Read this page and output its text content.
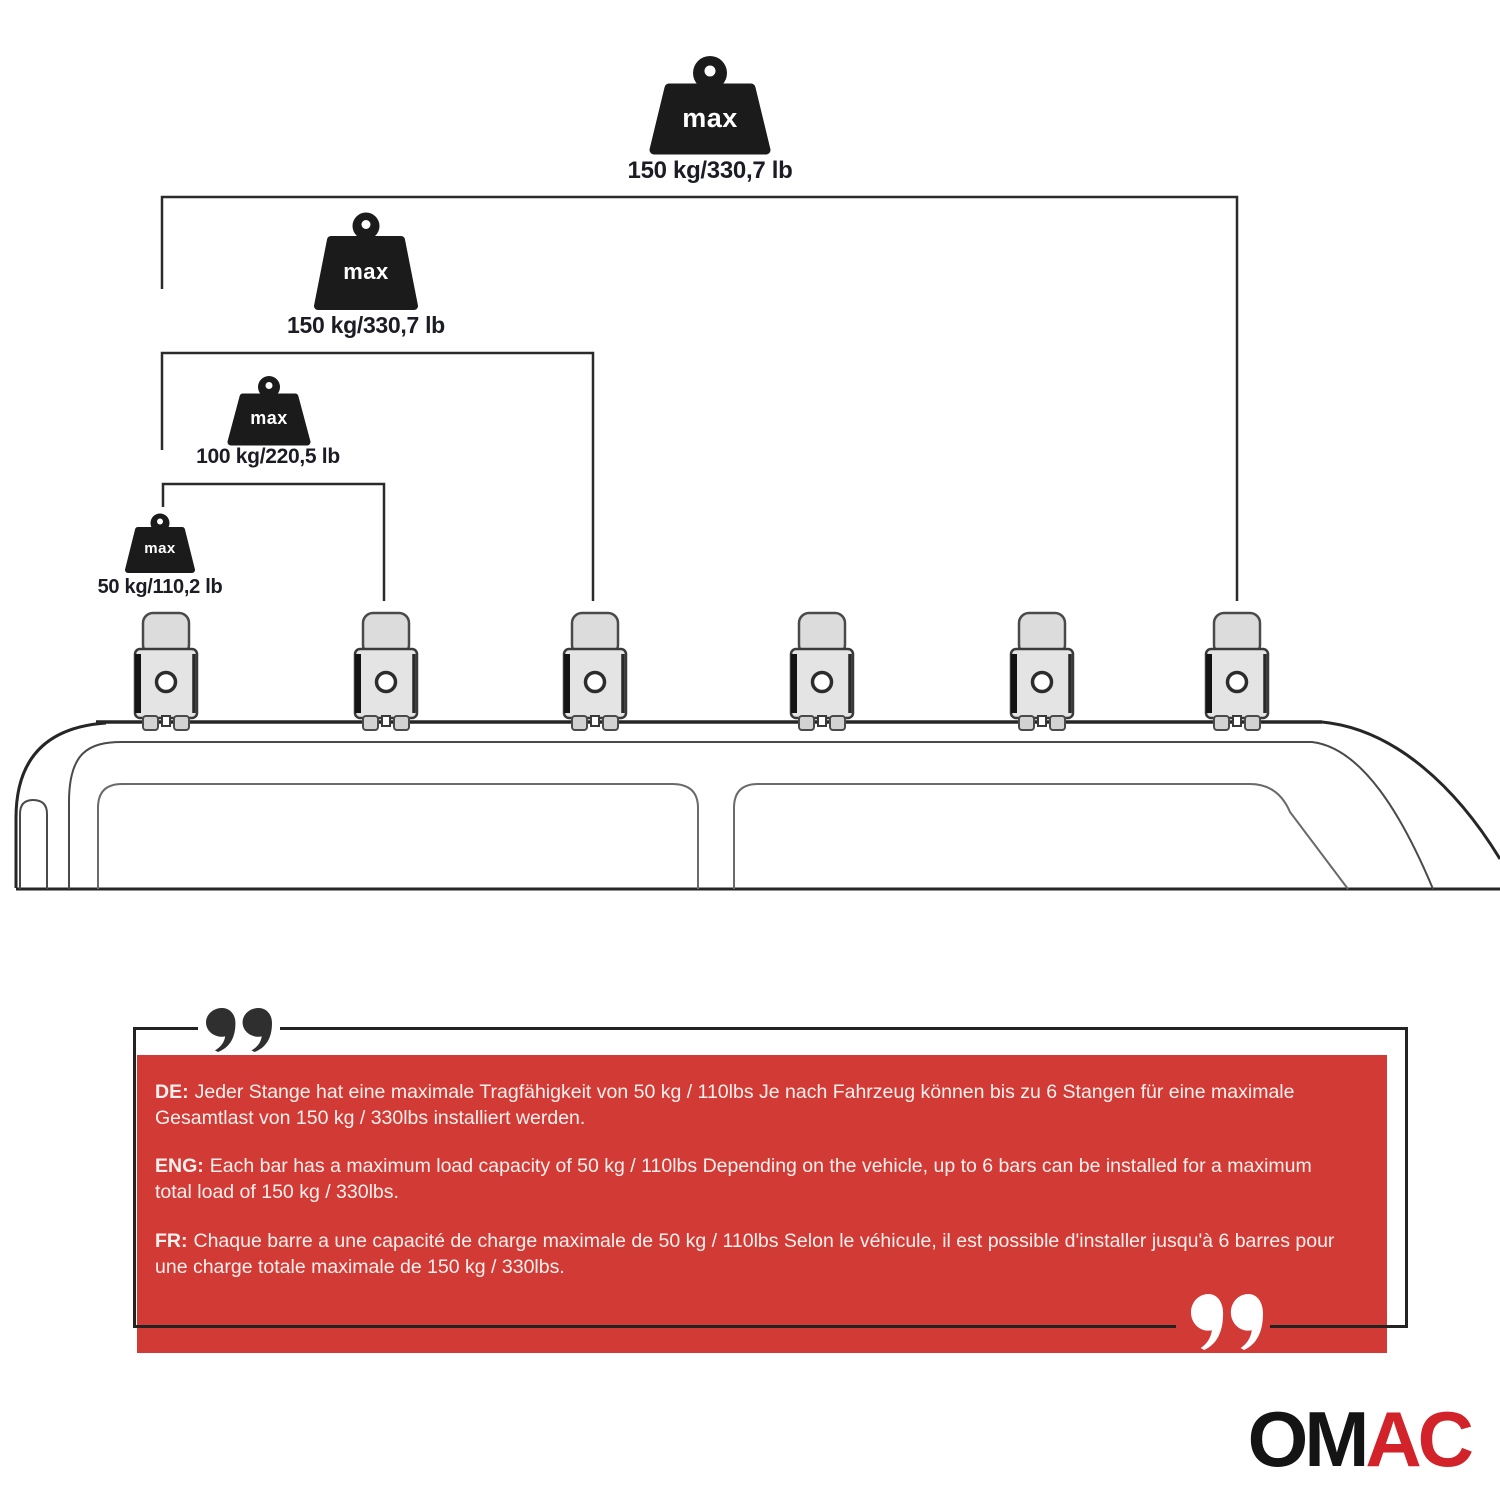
max
max
max
max
150 kg/330,7 lb
150 kg/330,7 lb
100 kg/220,5 lb
50 kg/110,2 lb

DE: Jeder Stange hat eine maximale Tragfähigkeit von 50 kg / 110lbs Je nach Fahrzeug können bis zu 6 Stangen für eine maximale Gesamtlast von 150 kg / 330lbs installiert werden.

ENG: Each bar has a maximum load capacity of 50 kg / 110lbs Depending on the vehicle, up to 6 bars can be installed for a maximum total load of 150 kg / 330lbs.

FR: Chaque barre a une capacité de charge maximale de 50 kg / 110lbs Selon le véhicule, il est possible d'installer jusqu'à 6 barres pour une charge totale maximale de 150 kg / 330lbs.

OMAC
